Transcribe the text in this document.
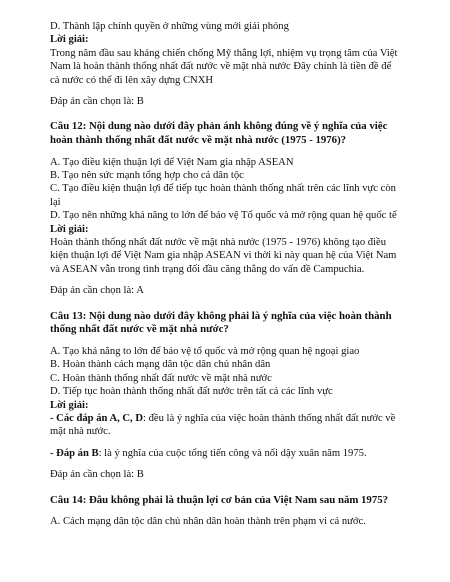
D. Thành lập chính quyền ở những vùng mới giải phóng

Lời giải:

Trong năm đầu sau kháng chiến chống Mỹ thắng lợi, nhiệm vụ trọng tâm của Việt Nam là hoàn thành thống nhất đất nước về mặt nhà nước Đây chính là tiền đề để cả nước có thể đi lên xây dựng CNXH

Đáp án cần chọn là: B

Câu 12: Nội dung nào dưới đây phản ánh không đúng về ý nghĩa của việc hoàn thành thống nhất đất nước về mặt nhà nước (1975 - 1976)?

A. Tạo điều kiện thuận lợi để Việt Nam gia nhập ASEAN

B. Tạo nên sức mạnh tổng hợp cho cả dân tộc

C. Tạo điều kiện thuận lợi để tiếp tục hoàn thành thống nhất trên các lĩnh vực còn lại

D. Tạo nên những khả năng to lớn để bảo vệ Tổ quốc và mở rộng quan hệ quốc tế

Lời giải:

Hoàn thành thống nhất đất nước về mặt nhà nước (1975 - 1976) không tạo điều kiện thuận lợi để Việt Nam gia nhập ASEAN vì thời kì này quan hệ của Việt Nam và ASEAN vẫn trong tình trạng đối đầu căng thẳng do vấn đề Campuchia.

Đáp án cần chọn là: A

Câu 13: Nội dung nào dưới đây không phải là ý nghĩa của việc hoàn thành thống nhất đất nước về mặt nhà nước?

A. Tạo khả năng to lớn để bảo vệ tổ quốc và mở rộng quan hệ ngoại giao

B. Hoàn thành cách mạng dân tộc dân chủ nhân dân

C. Hoàn thành thống nhất đất nước về mặt nhà nước

D. Tiếp tục hoàn thành thống nhất đất nước trên tất cả các lĩnh vực

Lời giải:

- Các đáp án A, C, D: đều là ý nghĩa của việc hoàn thành thống nhất đất nước về mặt nhà nước.

- Đáp án B: là ý nghĩa của cuộc tổng tiến công và nổi dậy xuân năm 1975.

Đáp án cần chọn là: B

Câu 14: Đâu không phải là thuận lợi cơ bản của Việt Nam sau năm 1975?

A. Cách mạng dân tộc dân chủ nhân dân hoàn thành trên phạm vi cả nước.
